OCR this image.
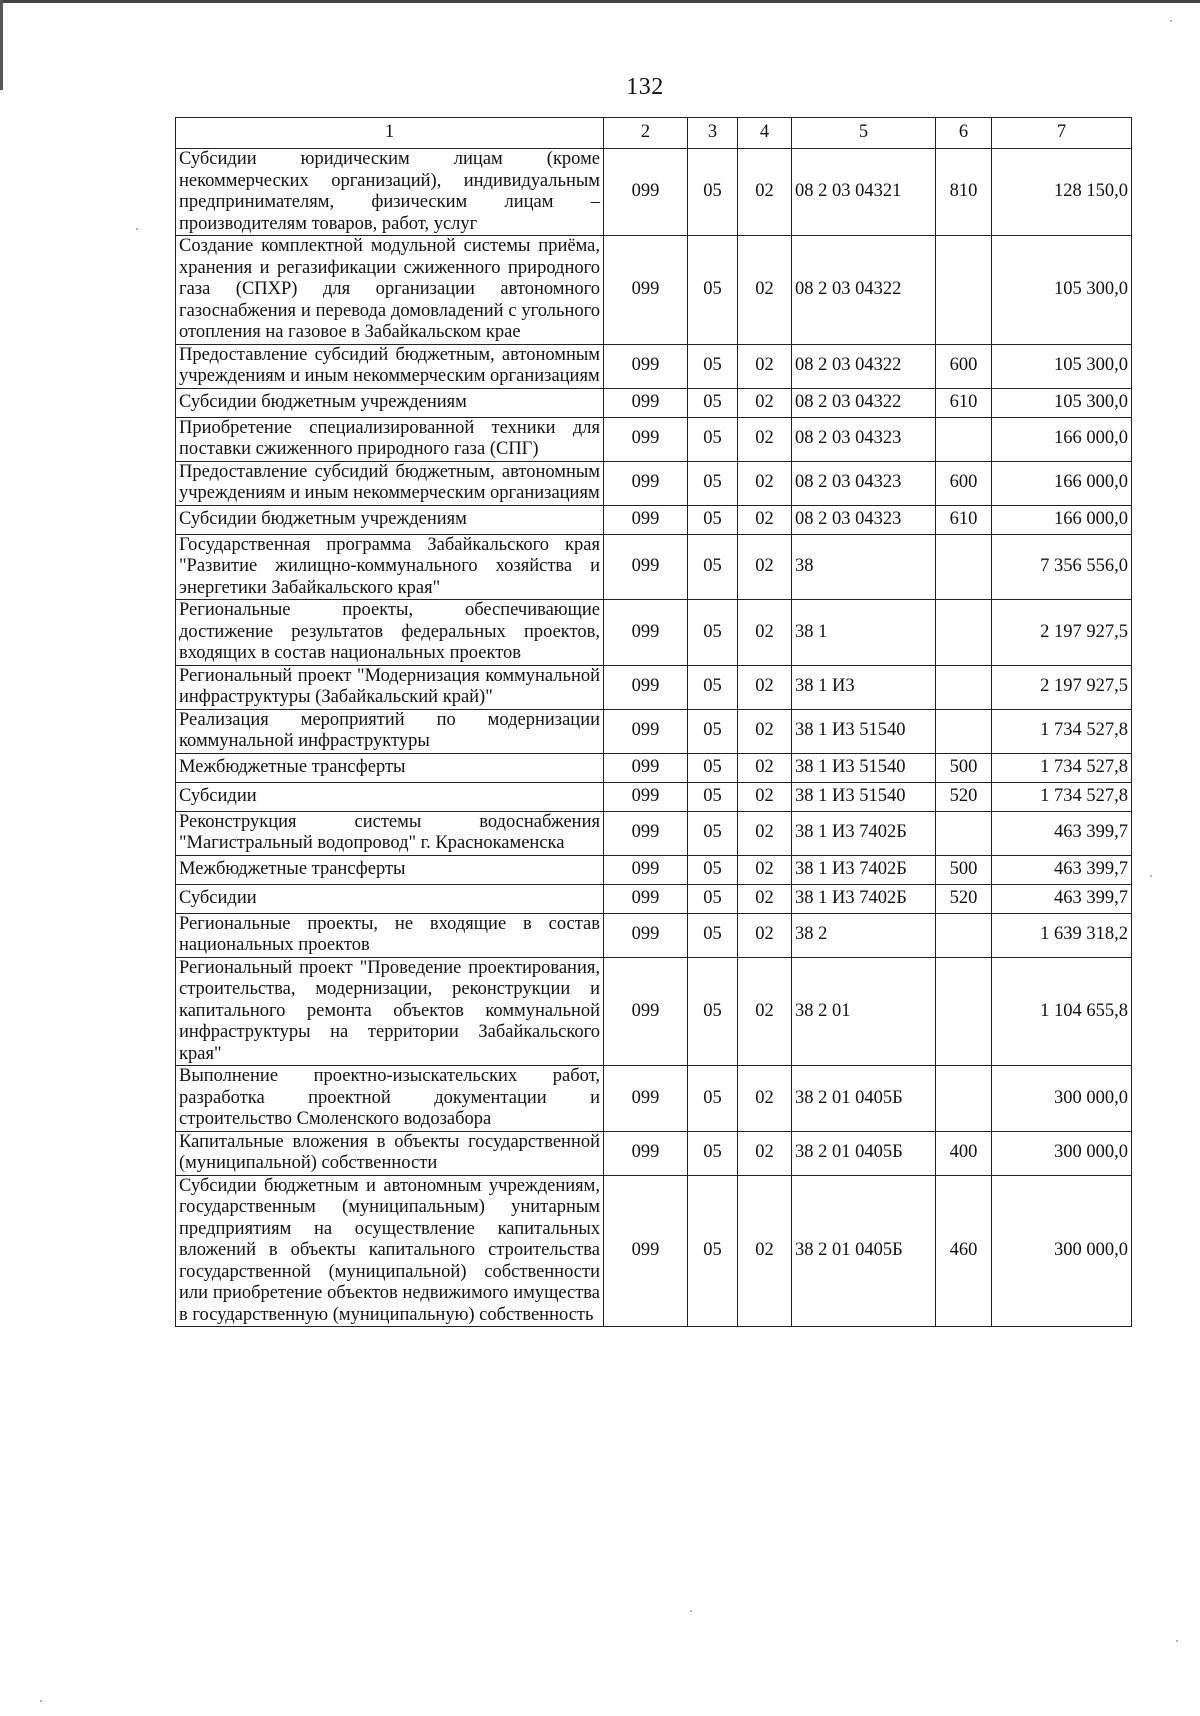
132
1	2	3	4	5	6	7
Субсидии юридическим лицам (кроме некоммерческих организаций), индивидуальным предпринимателям, физическим лицам – производителям товаров, работ, услуг	099	05	02	08 2 03 04321	810	128 150,0
Создание комплектной модульной системы приёма, хранения и регазификации сжиженного природного газа (СПХР) для организации автономного газоснабжения и перевода домовладений с угольного отопления на газовое в Забайкальском крае	099	05	02	08 2 03 04322		105 300,0
Предоставление субсидий бюджетным, автономным учреждениям и иным некоммерческим организациям	099	05	02	08 2 03 04322	600	105 300,0
Субсидии бюджетным учреждениям	099	05	02	08 2 03 04322	610	105 300,0
Приобретение специализированной техники для поставки сжиженного природного газа (СПГ)	099	05	02	08 2 03 04323		166 000,0
Предоставление субсидий бюджетным, автономным учреждениям и иным некоммерческим организациям	099	05	02	08 2 03 04323	600	166 000,0
Субсидии бюджетным учреждениям	099	05	02	08 2 03 04323	610	166 000,0
Государственная программа Забайкальского края "Развитие жилищно-коммунального хозяйства и энергетики Забайкальского края"	099	05	02	38		7 356 556,0
Региональные проекты, обеспечивающие достижение результатов федеральных проектов, входящих в состав национальных проектов	099	05	02	38 1		2 197 927,5
Региональный проект "Модернизация коммунальной инфраструктуры (Забайкальский край)"	099	05	02	38 1 И3		2 197 927,5
Реализация мероприятий по модернизации коммунальной инфраструктуры	099	05	02	38 1 И3 51540		1 734 527,8
Межбюджетные трансферты	099	05	02	38 1 И3 51540	500	1 734 527,8
Субсидии	099	05	02	38 1 И3 51540	520	1 734 527,8
Реконструкция системы водоснабжения "Магистральный водопровод" г. Краснокаменска	099	05	02	38 1 И3 7402Б		463 399,7
Межбюджетные трансферты	099	05	02	38 1 И3 7402Б	500	463 399,7
Субсидии	099	05	02	38 1 И3 7402Б	520	463 399,7
Региональные проекты, не входящие в состав национальных проектов	099	05	02	38 2		1 639 318,2
Региональный проект "Проведение проектирования, строительства, модернизации, реконструкции и капитального ремонта объектов коммунальной инфраструктуры на территории Забайкальского края"	099	05	02	38 2 01		1 104 655,8
Выполнение проектно-изыскательских работ, разработка проектной документации и строительство Смоленского водозабора	099	05	02	38 2 01 0405Б		300 000,0
Капитальные вложения в объекты государственной (муниципальной) собственности	099	05	02	38 2 01 0405Б	400	300 000,0
Субсидии бюджетным и автономным учреждениям, государственным (муниципальным) унитарным предприятиям на осуществление капитальных вложений в объекты капитального строительства государственной (муниципальной) собственности или приобретение объектов недвижимого имущества в государственную (муниципальную) собственность	099	05	02	38 2 01 0405Б	460	300 000,0
